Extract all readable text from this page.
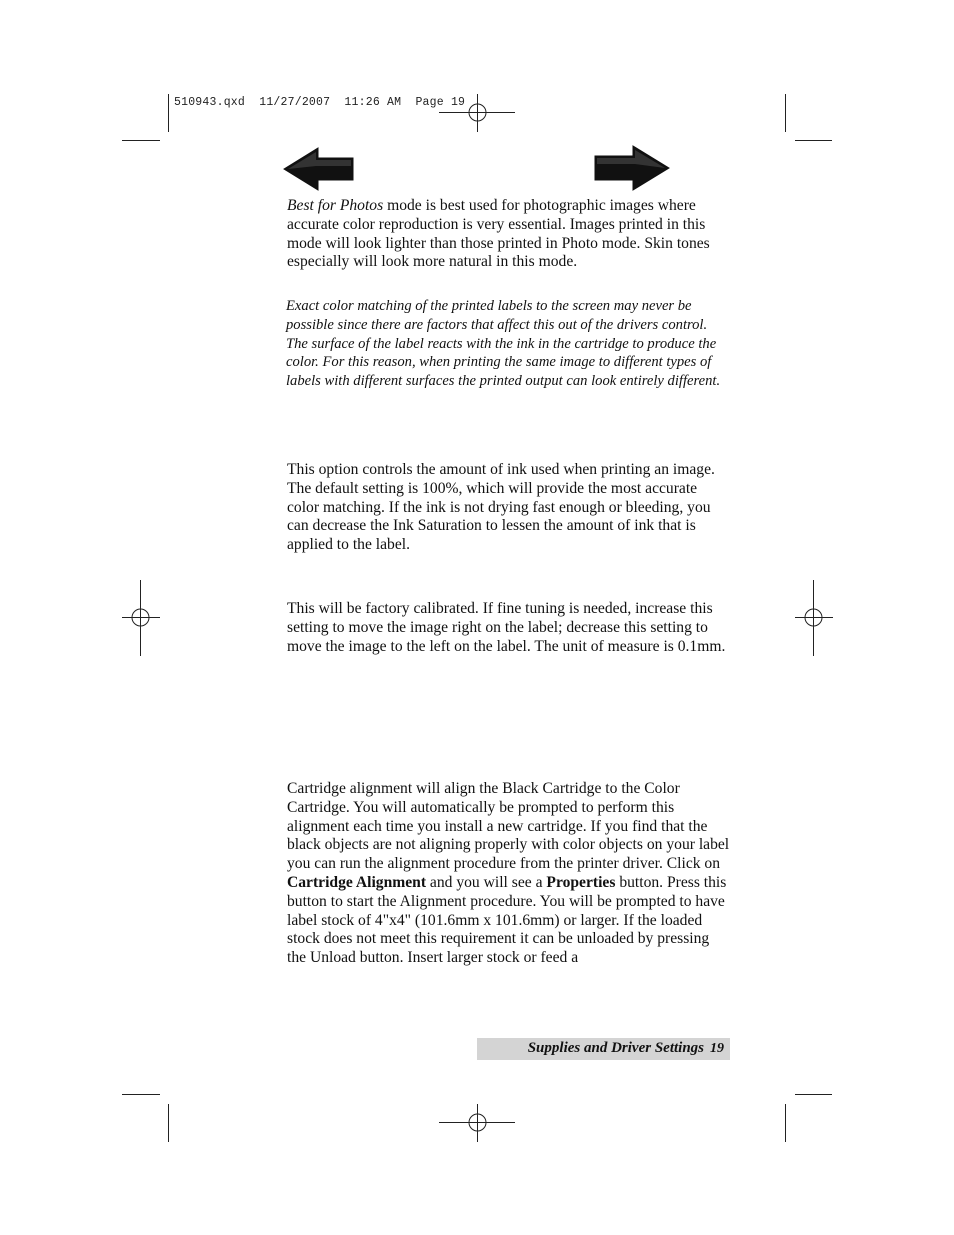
510943.qxd  11/27/2007  11:26 AM  Page 19

Best for Photos mode is best used for photographic images where accurate color reproduction is very essential. Images printed in this mode will look lighter than those printed in Photo mode. Skin tones especially will look more natural in this mode.

Exact color matching of the printed labels to the screen may never be possible since there are factors that affect this out of the drivers control. The surface of the label reacts with the ink in the cartridge to produce the color. For this reason, when printing the same image to different types of labels with different surfaces the printed output can look entirely different.

This option controls the amount of ink used when printing an image. The default setting is 100%, which will provide the most accurate color matching. If the ink is not drying fast enough or bleeding, you can decrease the Ink Saturation to lessen the amount of ink that is applied to the label.

This will be factory calibrated. If fine tuning is needed, increase this setting to move the image right on the label; decrease this setting to move the image to the left on the label. The unit of measure is 0.1mm.

Cartridge alignment will align the Black Cartridge to the Color Cartridge. You will automatically be prompted to perform this alignment each time you install a new cartridge. If you find that the black objects are not aligning properly with color objects on your label you can run the alignment procedure from the printer driver. Click on Cartridge Alignment and you will see a Properties button. Press this button to start the Alignment procedure. You will be prompted to have label stock of 4"x4" (101.6mm x 101.6mm) or larger. If the loaded stock does not meet this requirement it can be unloaded by pressing the Unload button. Insert larger stock or feed a

Supplies and Driver Settings 19
